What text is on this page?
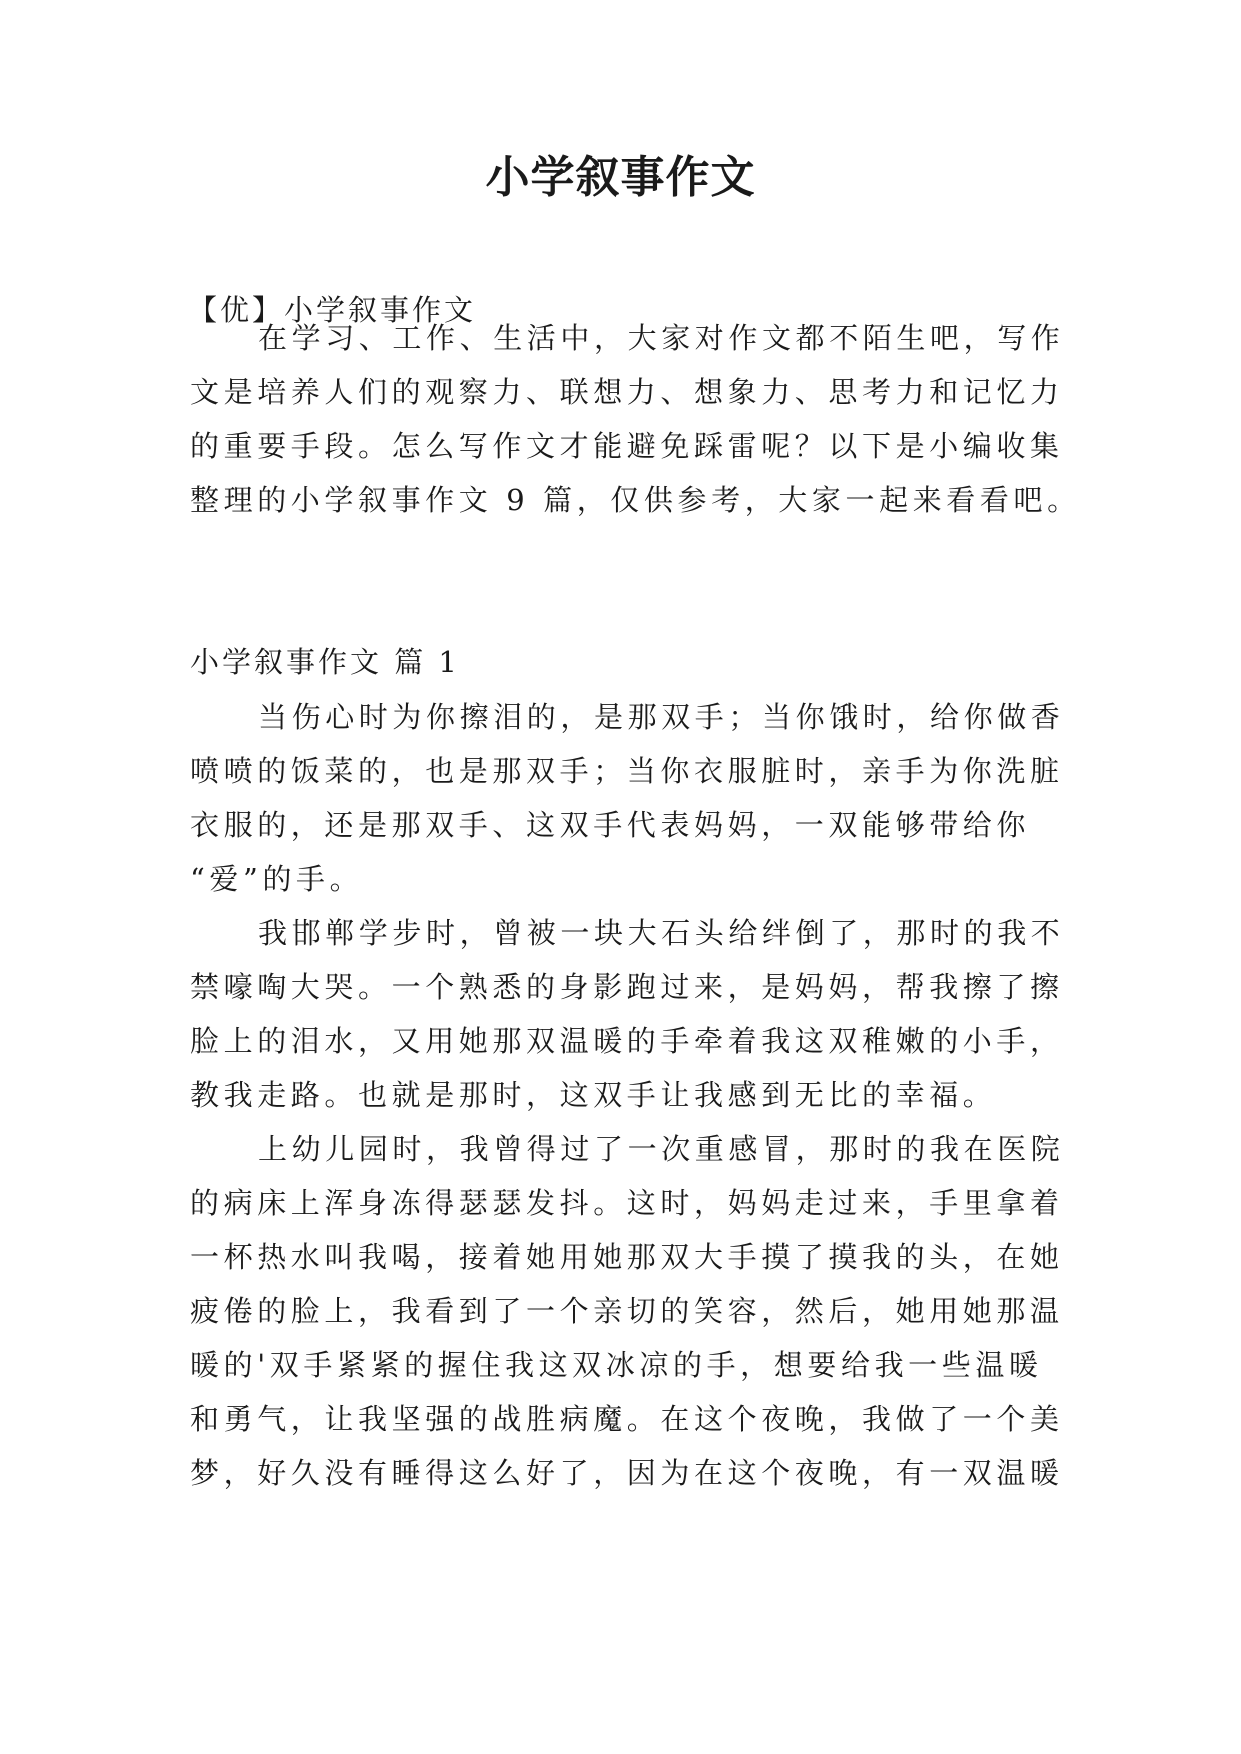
小学叙事作文
【优】小学叙事作文
在学习、工作、生活中，大家对作文都不陌生吧，写作
文是培养人们的观察力、联想力、想象力、思考力和记忆力
的重要手段。怎么写作文才能避免踩雷呢？以下是小编收集
整理的小学叙事作文 9 篇，仅供参考，大家一起来看看吧。
小学叙事作文 篇 1
当伤心时为你擦泪的，是那双手；当你饿时，给你做香
喷喷的饭菜的，也是那双手；当你衣服脏时，亲手为你洗脏
衣服的，还是那双手、这双手代表妈妈，一双能够带给你
“爱”的手。
我邯郸学步时，曾被一块大石头给绊倒了，那时的我不
禁嚎啕大哭。一个熟悉的身影跑过来，是妈妈，帮我擦了擦
脸上的泪水，又用她那双温暖的手牵着我这双稚嫩的小手，
教我走路。也就是那时，这双手让我感到无比的幸福。
上幼儿园时，我曾得过了一次重感冒，那时的我在医院
的病床上浑身冻得瑟瑟发抖。这时，妈妈走过来，手里拿着
一杯热水叫我喝，接着她用她那双大手摸了摸我的头，在她
疲倦的脸上，我看到了一个亲切的笑容，然后，她用她那温
暖的'双手紧紧的握住我这双冰凉的手，想要给我一些温暖
和勇气，让我坚强的战胜病魔。在这个夜晚，我做了一个美
梦，好久没有睡得这么好了，因为在这个夜晚，有一双温暖
